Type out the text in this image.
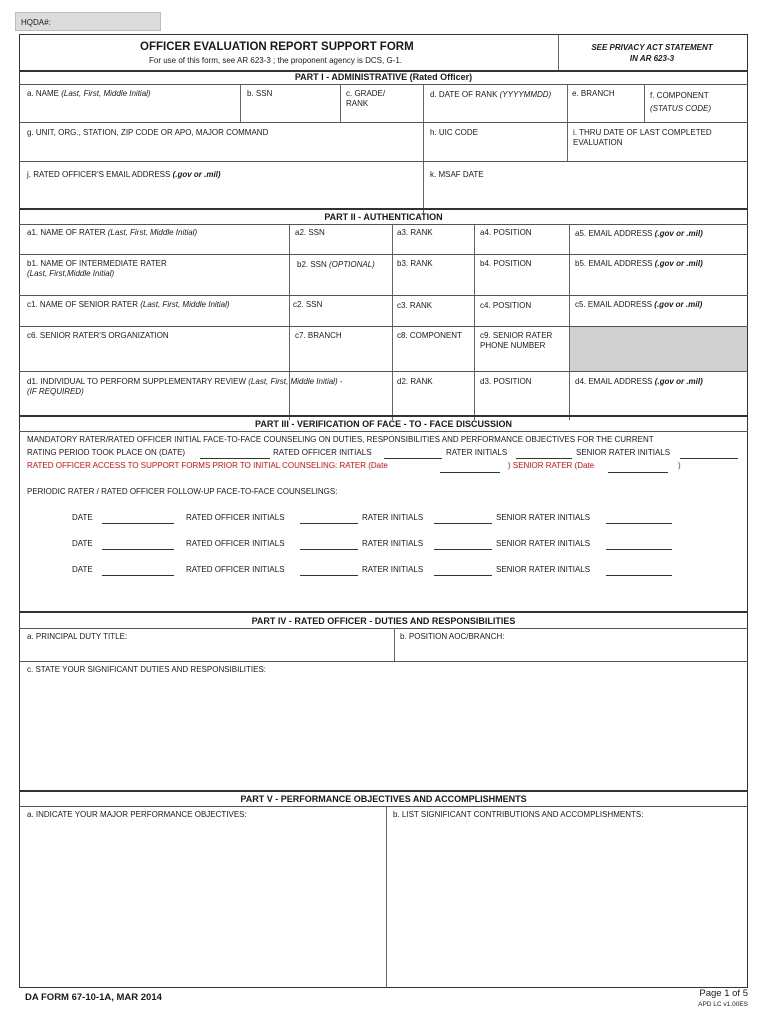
HQDA#:
OFFICER EVALUATION REPORT SUPPORT FORM
For use of this form, see AR 623-3 ; the proponent agency is DCS, G-1.
SEE PRIVACY ACT STATEMENT
IN AR 623-3
PART I - ADMINISTRATIVE (Rated Officer)
a. NAME (Last, First, Middle Initial)	b. SSN	c. GRADE/
RANK
d. DATE OF RANK (YYYYMMDD)	e. BRANCH	f. COMPONENT
(STATUS CODE)
g. UNIT, ORG., STATION, ZIP CODE OR APO, MAJOR COMMAND	h. UIC CODE	i. THRU DATE OF LAST COMPLETED
EVALUATION
j. RATED OFFICER'S EMAIL ADDRESS (.gov or .mil)	k. MSAF DATE
PART II - AUTHENTICATION
a1. NAME OF RATER (Last, First, Middle Initial)	a2. SSN	a3. RANK	a4. POSITION	a5. EMAIL ADDRESS (.gov or .mil)
b1. NAME OF INTERMEDIATE RATER
(Last, First,Middle Initial)
b2. SSN (OPTIONAL)	b3. RANK	b4. POSITION	b5. EMAIL ADDRESS (.gov or .mil)
c1. NAME OF SENIOR RATER (Last, First, Middle Initial)	c2. SSN	c3. RANK	c4. POSITION	c5. EMAIL ADDRESS (.gov or .mil)
c6. SENIOR RATER'S ORGANIZATION	c7. BRANCH	c8. COMPONENT c9. SENIOR RATER
PHONE NUMBER
d1. INDIVIDUAL TO PERFORM SUPPLEMENTARY REVIEW (Last, First, Middle Initial) -
(IF REQUIRED)
d2. RANK	d3. POSITION	d4. EMAIL ADDRESS (.gov or .mil)
PART III - VERIFICATION OF FACE - TO - FACE DISCUSSION
MANDATORY RATER/RATED OFFICER INITIAL FACE-TO-FACE COUNSELING ON DUTIES, RESPONSIBILITIES AND PERFORMANCE OBJECTIVES FOR THE CURRENT
RATING PERIOD TOOK PLACE ON (DATE)	RATED OFFICER INITIALS	RATER INITIALS	SENIOR RATER INITIALS
RATED OFFICER ACCESS TO SUPPORT FORMS PRIOR TO INITIAL COUNSELING: RATER (Date	) SENIOR RATER (Date	)
PERIODIC RATER / RATED OFFICER FOLLOW-UP FACE-TO-FACE COUNSELINGS:
DATE	RATED OFFICER INITIALS	RATER INITIALS	SENIOR RATER INITIALS
DATE	RATED OFFICER INITIALS	RATER INITIALS	SENIOR RATER INITIALS
DATE	RATED OFFICER INITIALS	RATER INITIALS	SENIOR RATER INITIALS
PART IV - RATED OFFICER - DUTIES AND RESPONSIBILITIES
a. PRINCIPAL DUTY TITLE:	b. POSITION AOC/BRANCH:
c. STATE YOUR SIGNIFICANT DUTIES AND RESPONSIBILITIES:
PART V - PERFORMANCE OBJECTIVES AND ACCOMPLISHMENTS
a. INDICATE YOUR MAJOR PERFORMANCE OBJECTIVES:	b. LIST SIGNIFICANT CONTRIBUTIONS AND ACCOMPLISHMENTS:
DA FORM 67-10-1A, MAR 2014	Page 1 of 5
APD LC v1.00ES
